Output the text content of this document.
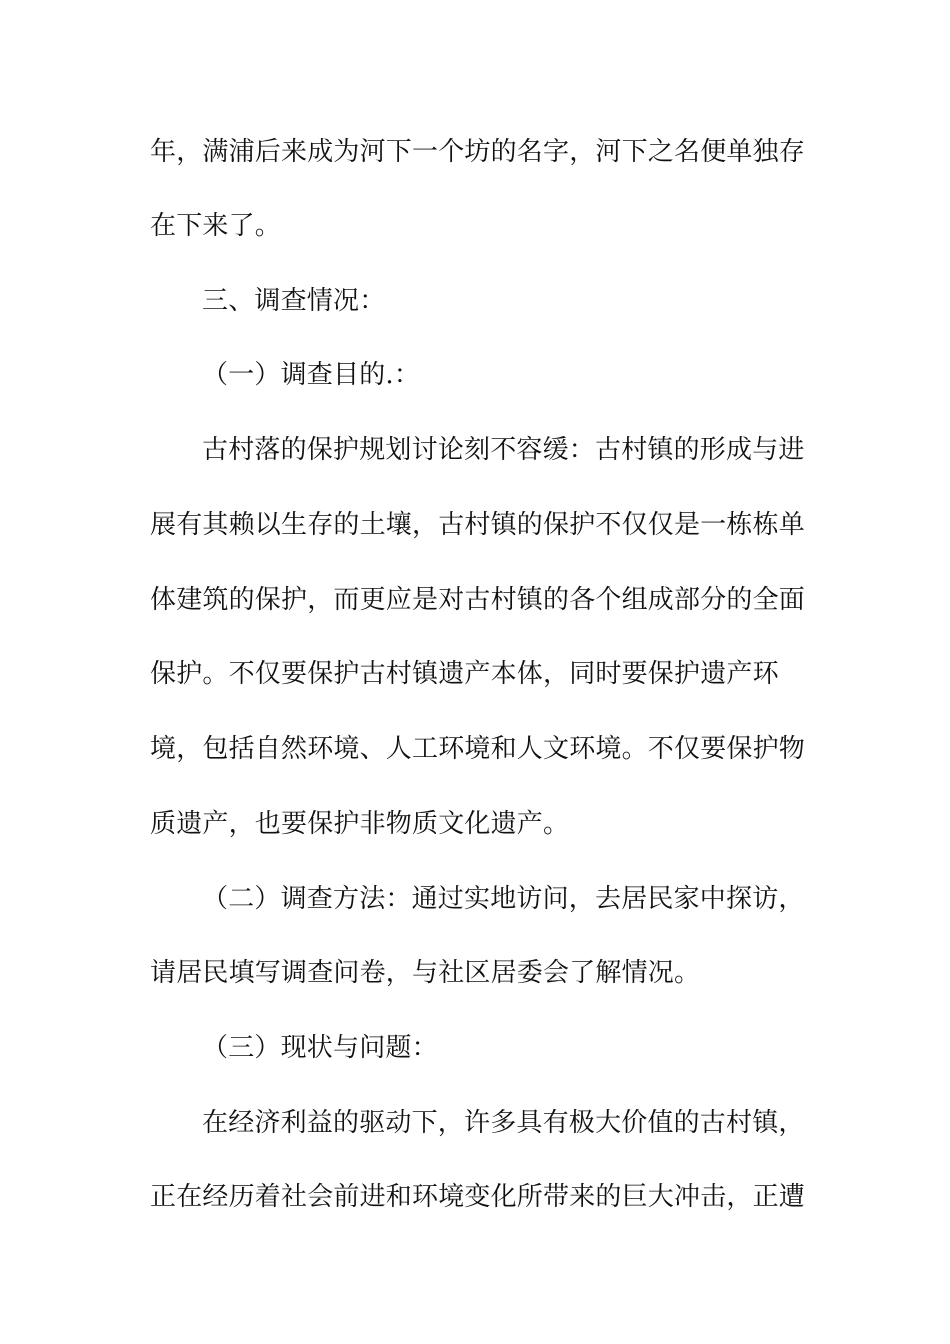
年，满浦后来成为河下一个坊的名字，河下之名便单独存
在下来了。
三、调查情况：
（一）调查目的.：
古村落的保护规划讨论刻不容缓：古村镇的形成与进
展有其赖以生存的土壤，古村镇的保护不仅仅是一栋栋单
体建筑的保护，而更应是对古村镇的各个组成部分的全面
保护。不仅要保护古村镇遗产本体，同时要保护遗产环
境，包括自然环境、人工环境和人文环境。不仅要保护物
质遗产，也要保护非物质文化遗产。
（二）调查方法：通过实地访问，去居民家中探访，
请居民填写调查问卷，与社区居委会了解情况。
（三）现状与问题：
在经济利益的驱动下，许多具有极大价值的古村镇，
正在经历着社会前进和环境变化所带来的巨大冲击，正遭
